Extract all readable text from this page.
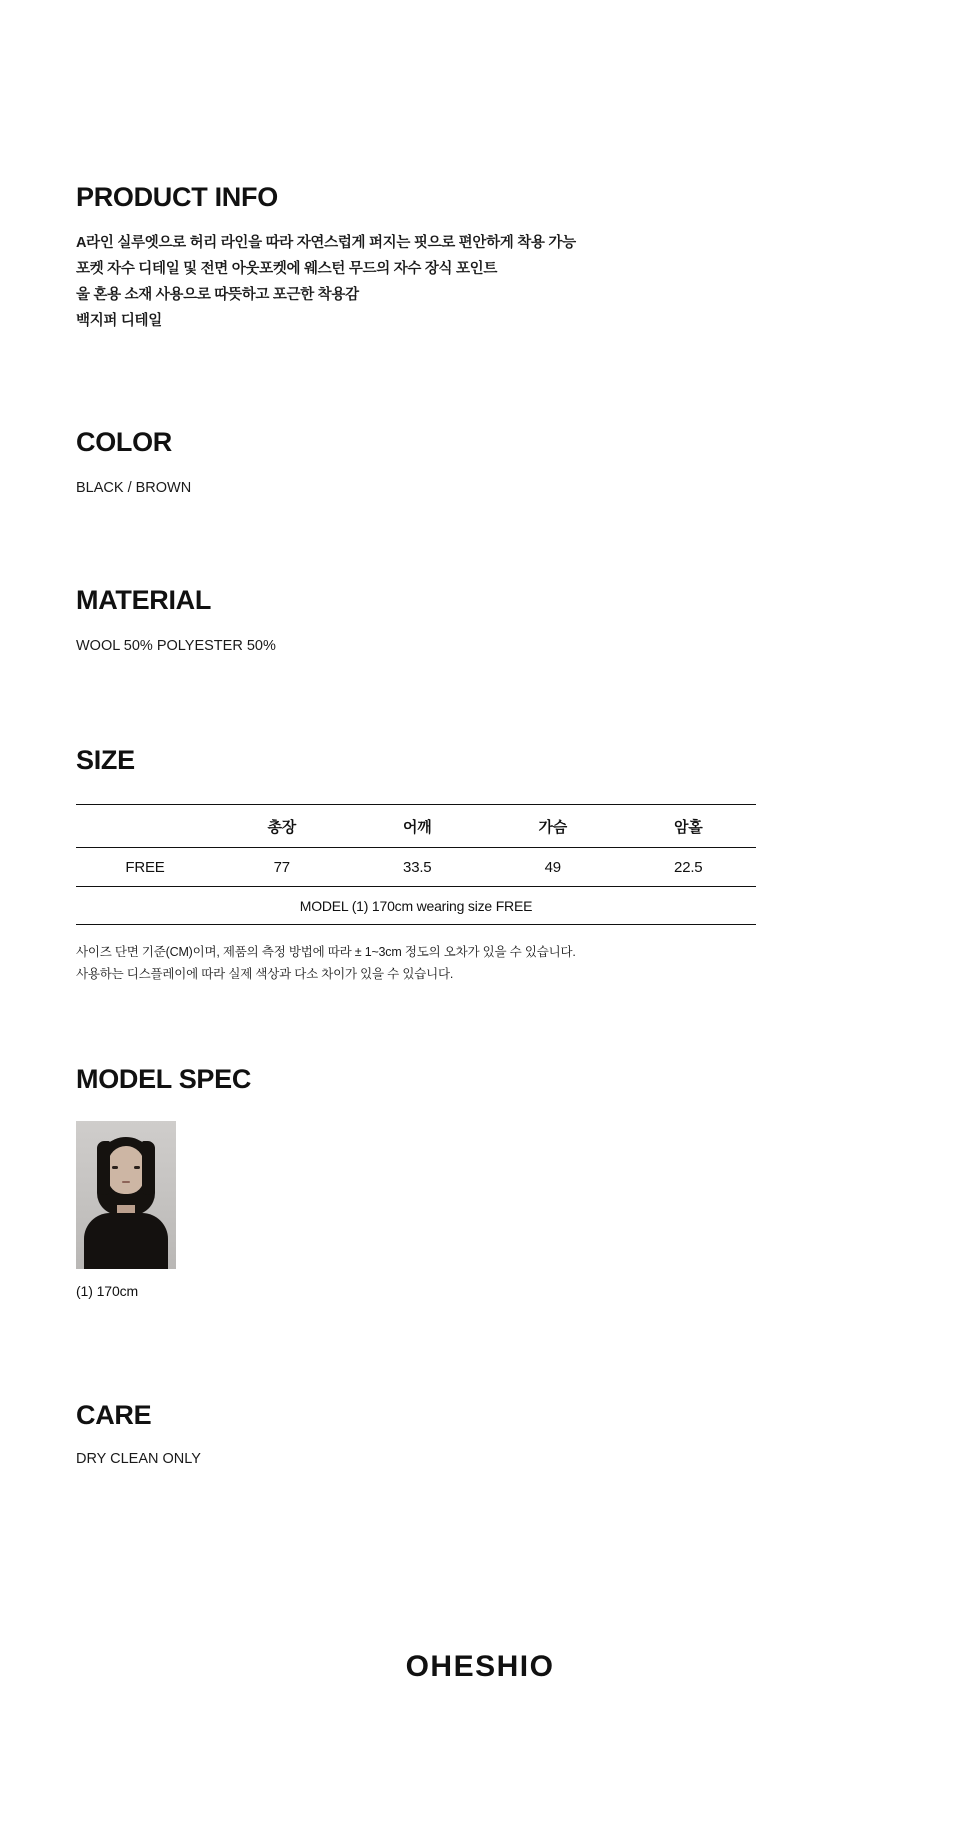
PRODUCT INFO
A라인 실루엣으로 허리 라인을 따라 자연스럽게 퍼지는 핏으로 편안하게 착용 가능
포켓 자수 디테일 및 전면 아웃포켓에 웨스턴 무드의 자수 장식 포인트
울 혼용 소재 사용으로 따뜻하고 포근한 착용감
백지퍼 디테일
COLOR
BLACK / BROWN
MATERIAL
WOOL 50% POLYESTER 50%
SIZE
	총장	어깨	가슴	암홀
FREE	77	33.5	49	22.5
MODEL (1) 170cm wearing size FREE				
사이즈 단면 기준(CM)이며, 제품의 측정 방법에 따라 ± 1~3cm 정도의 오차가 있을 수 있습니다.
사용하는 디스플레이에 따라 실제 색상과 다소 차이가 있을 수 있습니다.
MODEL SPEC
(1) 170cm
CARE
DRY CLEAN ONLY
OHESHIO
